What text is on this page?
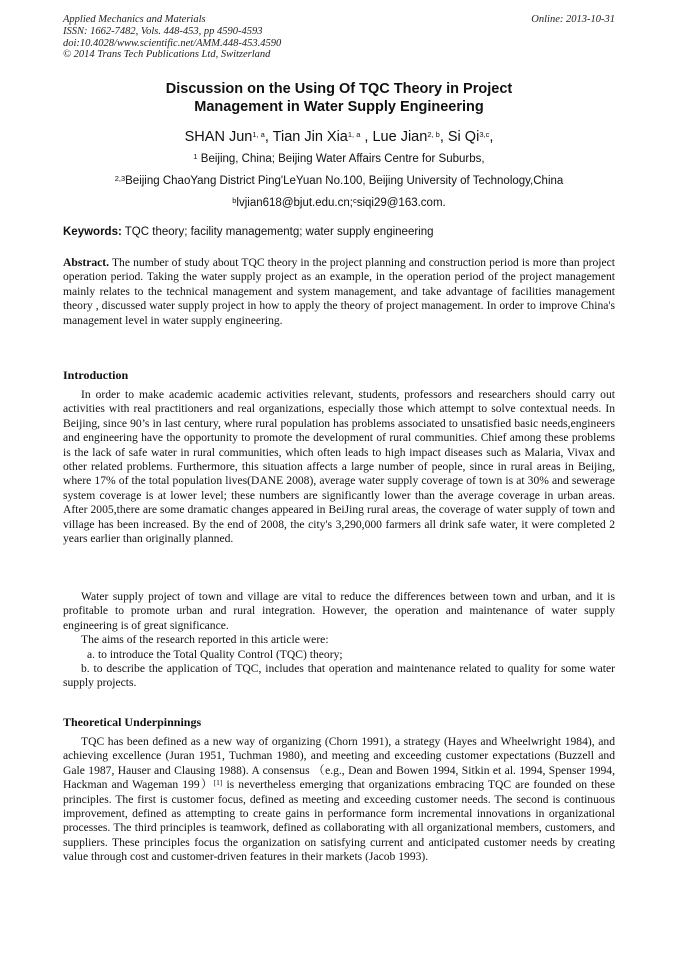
Applied Mechanics and Materials
ISSN: 1662-7482, Vols. 448-453, pp 4590-4593
doi:10.4028/www.scientific.net/AMM.448-453.4590
© 2014 Trans Tech Publications Ltd, Switzerland
Online: 2013-10-31
Discussion on the Using Of TQC Theory in Project
Management in Water Supply Engineering
SHAN Jun$^{1, a}$, Tian Jin Xia$^{1, a}$ , Lue Jian$^{2, b}$, Si Qi$^{3,c}$,
$^1$ Beijing, China; Beijing Water Affairs Centre for Suburbs,
$^{2,3}$Beijing ChaoYang District Ping'LeYuan No.100, Beijing University of Technology,China
$^b$lvjian618@bjut.edu.cn;$^c$siqi29@163.com.
Keywords: TQC theory; facility managementg; water supply engineering
Abstract. The number of study about TQC theory in the project planning and construction period is more than project operation period. Taking the water supply project as an example, in the operation period of the project management mainly relates to the technical management and system management, and take advantage of facilities management theory , discussed water supply project in how to apply the theory of project management. In order to improve China's management level in water supply engineering.
Introduction
In order to make academic academic activities relevant, students, professors and researchers should carry out activities with real practitioners and real organizations, especially those which attempt to solve contextual needs. In Beijing, since 90’s in last century, where rural population has problems associated to unsatisfied basic needs,engineers and engineering have the opportunity to promote the development of rural communities. Chief among these problems is the lack of safe water in rural communities, which often leads to high impact diseases such as Malaria, Vivax and other related problems. Furthermore, this situation affects a large number of people, since in rural areas in Beijing, where 17% of the total population lives(DANE 2008), average water supply coverage of town is at 30% and sewerage system coverage is at lower level; these numbers are significantly lower than the average coverage in urban areas. After 2005,there are some dramatic changes appeared in BeiJing rural areas, the coverage of water supply of town and village has been increased. By the end of 2008, the city's 3,290,000 farmers all drink safe water, it were completed 2 years earlier than originally planned.
Water supply project of town and village are vital to reduce the differences between town and urban, and it is profitable to promote urban and rural integration. However, the operation and maintenance of water supply engineering is of great significance.
The aims of the research reported in this article were:
a. to introduce the Total Quality Control (TQC) theory;
b. to describe the application of TQC, includes that operation and maintenance related to quality for some water supply projects.
Theoretical Underpinnings
TQC has been defined as a new way of organizing (Chorn 1991), a strategy (Hayes and Wheelwright 1984), and achieving excellence (Juran 1951, Tuchman 1980), and meeting and exceeding customer expectations (Buzzell and Gale 1987, Hauser and Clausing 1988). A consensus （e.g., Dean and Bowen 1994, Sitkin et al. 1994, Spenser 1994, Hackman and Wageman 199）[1] is nevertheless emerging that organizations embracing TQC are founded on these principles. The first is customer focus, defined as meeting and exceeding customer needs. The second is continuous improvement, defined as attempting to create gains in performance form incremental innovations in organizational processes. The third principles is teamwork, defined as collaborating with all organizational members, customers, and suppliers. These principles focus the organization on satisfying current and anticipated customer needs by creating value through cost and customer-driven features in their markets (Jacob 1993).
